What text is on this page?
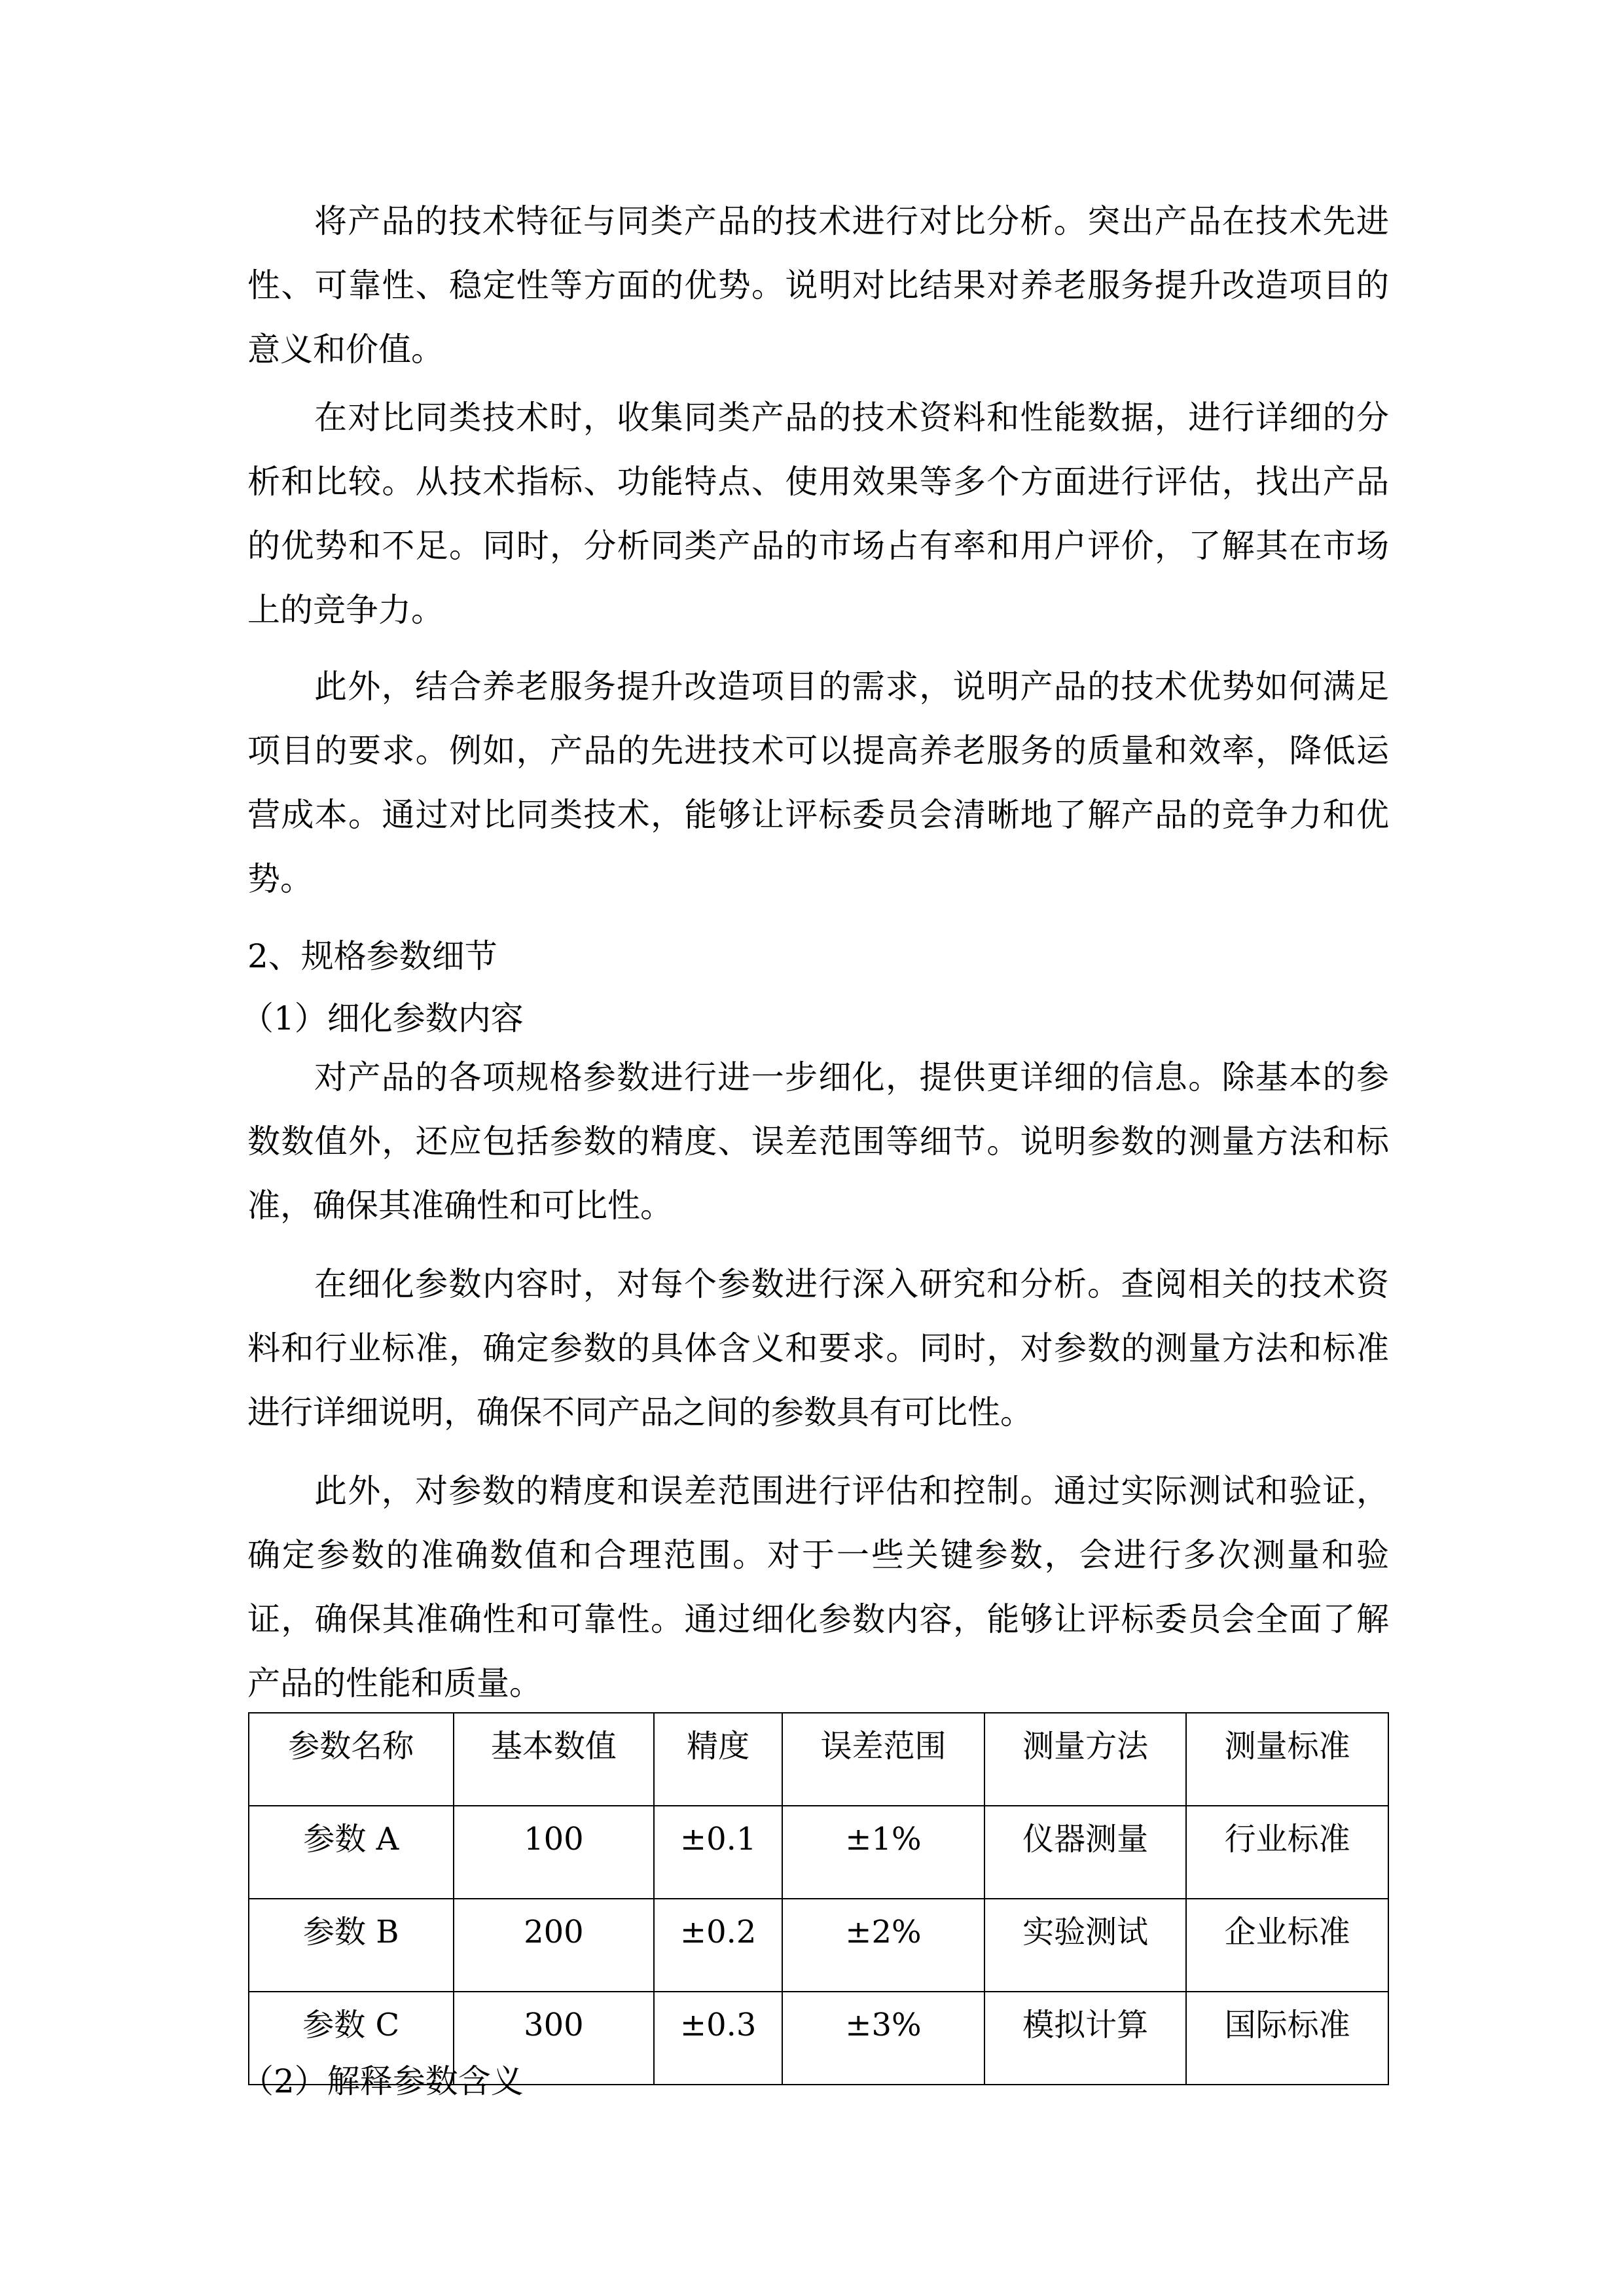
将产品的技术特征与同类产品的技术进行对比分析。突出产品在技术先进
性、可靠性、稳定性等方面的优势。说明对比结果对养老服务提升改造项目的
意义和价值。
在对比同类技术时，收集同类产品的技术资料和性能数据，进行详细的分
析和比较。从技术指标、功能特点、使用效果等多个方面进行评估，找出产品
的优势和不足。同时，分析同类产品的市场占有率和用户评价，了解其在市场
上的竞争力。
此外，结合养老服务提升改造项目的需求，说明产品的技术优势如何满足
项目的要求。例如，产品的先进技术可以提高养老服务的质量和效率，降低运
营成本。通过对比同类技术，能够让评标委员会清晰地了解产品的竞争力和优
势。
2、规格参数细节
（1）细化参数内容
对产品的各项规格参数进行进一步细化，提供更详细的信息。除基本的参
数数值外，还应包括参数的精度、误差范围等细节。说明参数的测量方法和标
准，确保其准确性和可比性。
在细化参数内容时，对每个参数进行深入研究和分析。查阅相关的技术资
料和行业标准，确定参数的具体含义和要求。同时，对参数的测量方法和标准
进行详细说明，确保不同产品之间的参数具有可比性。
此外，对参数的精度和误差范围进行评估和控制。通过实际测试和验证，
确定参数的准确数值和合理范围。对于一些关键参数，会进行多次测量和验
证，确保其准确性和可靠性。通过细化参数内容，能够让评标委员会全面了解
产品的性能和质量。
参数名称	基本数值	精度	误差范围	测量方法	测量标准
参数 A	100	±0.1	±1%	仪器测量	行业标准
参数 B	200	±0.2	±2%	实验测试	企业标准
参数 C	300	±0.3	±3%	模拟计算	国际标准
（2）解释参数含义
